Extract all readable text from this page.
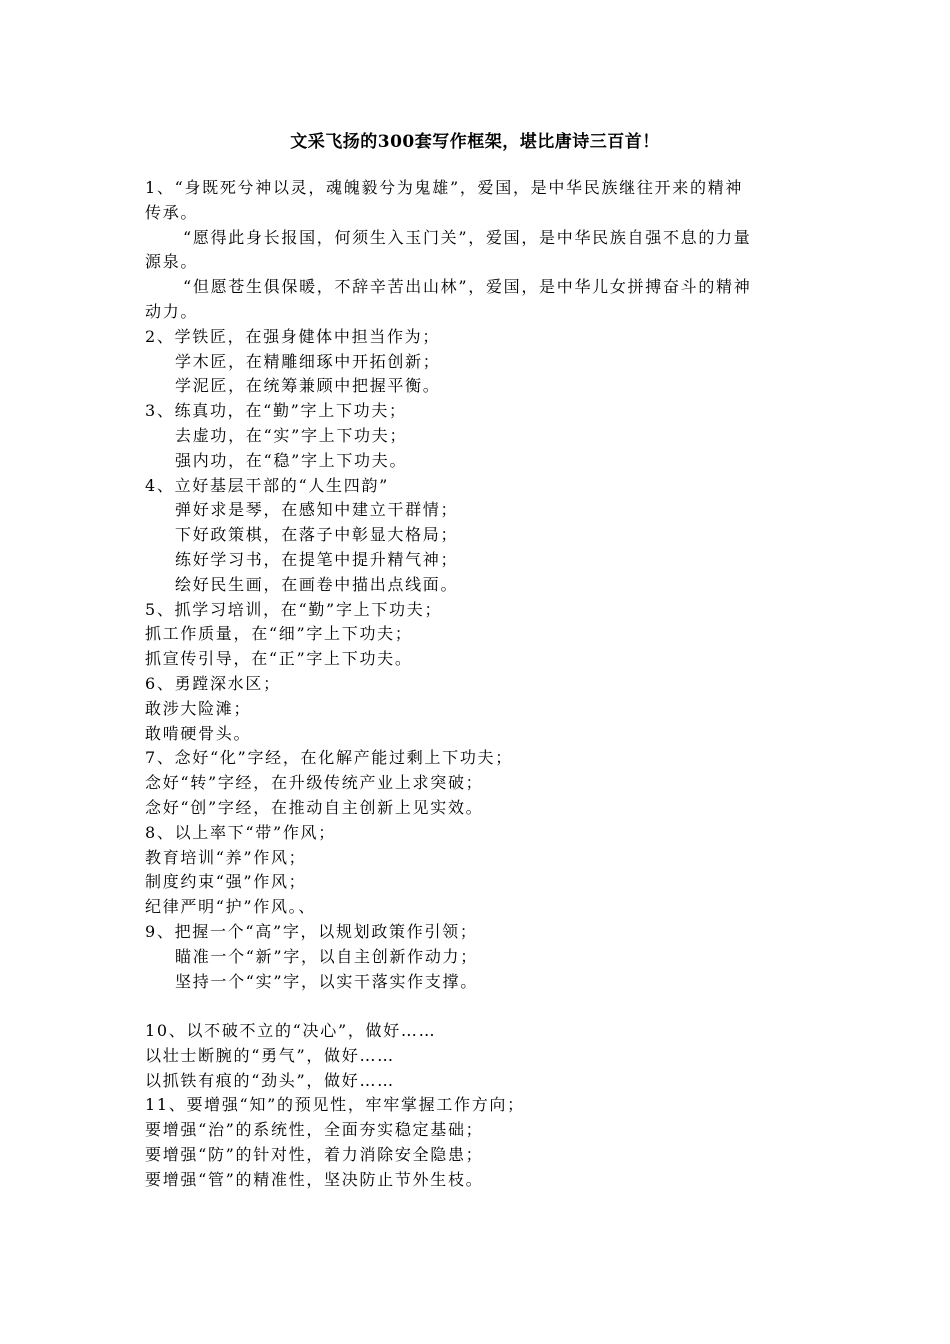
文采飞扬的300套写作框架，堪比唐诗三百首！
1、“身既死兮神以灵，魂魄毅兮为鬼雄”，爱国，是中华民族继往开来的精神
传承。
“愿得此身长报国，何须生入玉门关”，爱国，是中华民族自强不息的力量
源泉。
“但愿苍生俱保暖，不辞辛苦出山林”，爱国，是中华儿女拼搏奋斗的精神
动力。
2、学铁匠，在强身健体中担当作为；
学木匠，在精雕细琢中开拓创新；
学泥匠，在统筹兼顾中把握平衡。
3、练真功，在“勤”字上下功夫；
去虚功，在“实”字上下功夫；
强内功，在“稳”字上下功夫。
4、立好基层干部的“人生四韵”
弹好求是琴，在感知中建立干群情；
下好政策棋，在落子中彰显大格局；
练好学习书，在提笔中提升精气神；
绘好民生画，在画卷中描出点线面。
5、抓学习培训，在“勤”字上下功夫；
抓工作质量，在“细”字上下功夫；
抓宣传引导，在“正”字上下功夫。
6、勇蹚深水区；
敢涉大险滩；
敢啃硬骨头。
7、念好“化”字经，在化解产能过剩上下功夫；
念好“转”字经，在升级传统产业上求突破；
念好“创”字经，在推动自主创新上见实效。
8、以上率下“带”作风；
教育培训“养”作风；
制度约束“强”作风；
纪律严明“护”作风。、
9、把握一个“高”字，以规划政策作引领；
瞄准一个“新”字，以自主创新作动力；
坚持一个“实”字，以实干落实作支撑。
10、以不破不立的“决心”，做好……
以壮士断腕的“勇气”，做好……
以抓铁有痕的“劲头”，做好……
11、要增强“知”的预见性，牢牢掌握工作方向；
要增强“治”的系统性，全面夯实稳定基础；
要增强“防”的针对性，着力消除安全隐患；
要增强“管”的精准性，坚决防止节外生枝。
